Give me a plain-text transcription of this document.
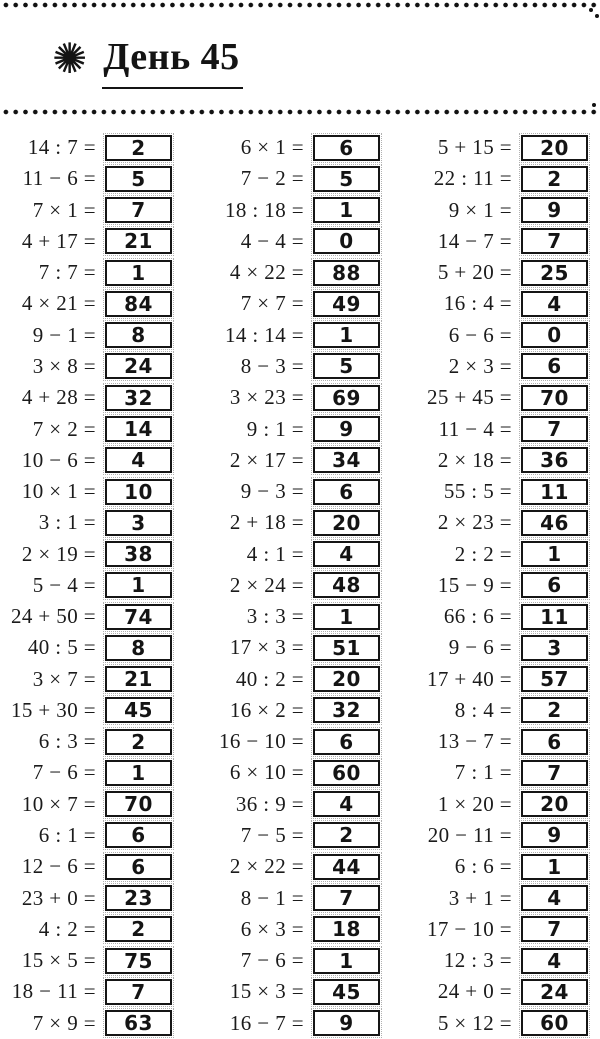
✺ День 45
14 : 7 =	2
11 − 6 =	5
7 × 1 =	7
4 + 17 =	21
7 : 7 =	1
4 × 21 =	84
9 − 1 =	8
3 × 8 =	24
4 + 28 =	32
7 × 2 =	14
10 − 6 =	4
10 × 1 =	10
3 : 1 =	3
2 × 19 =	38
5 − 4 =	1
24 + 50 =	74
40 : 5 =	8
3 × 7 =	21
15 + 30 =	45
6 : 3 =	2
7 − 6 =	1
10 × 7 =	70
6 : 1 =	6
12 − 6 =	6
23 + 0 =	23
4 : 2 =	2
15 × 5 =	75
18 − 11 =	7
7 × 9 =	63
6 × 1 =	6
7 − 2 =	5
18 : 18 =	1
4 − 4 =	0
4 × 22 =	88
7 × 7 =	49
14 : 14 =	1
8 − 3 =	5
3 × 23 =	69
9 : 1 =	9
2 × 17 =	34
9 − 3 =	6
2 + 18 =	20
4 : 1 =	4
2 × 24 =	48
3 : 3 =	1
17 × 3 =	51
40 : 2 =	20
16 × 2 =	32
16 − 10 =	6
6 × 10 =	60
36 : 9 =	4
7 − 5 =	2
2 × 22 =	44
8 − 1 =	7
6 × 3 =	18
7 − 6 =	1
15 × 3 =	45
16 − 7 =	9
5 + 15 =	20
22 : 11 =	2
9 × 1 =	9
14 − 7 =	7
5 + 20 =	25
16 : 4 =	4
6 − 6 =	0
2 × 3 =	6
25 + 45 =	70
11 − 4 =	7
2 × 18 =	36
55 : 5 =	11
2 × 23 =	46
2 : 2 =	1
15 − 9 =	6
66 : 6 =	11
9 − 6 =	3
17 + 40 =	57
8 : 4 =	2
13 − 7 =	6
7 : 1 =	7
1 × 20 =	20
20 − 11 =	9
6 : 6 =	1
3 + 1 =	4
17 − 10 =	7
12 : 3 =	4
24 + 0 =	24
5 × 12 =	60
